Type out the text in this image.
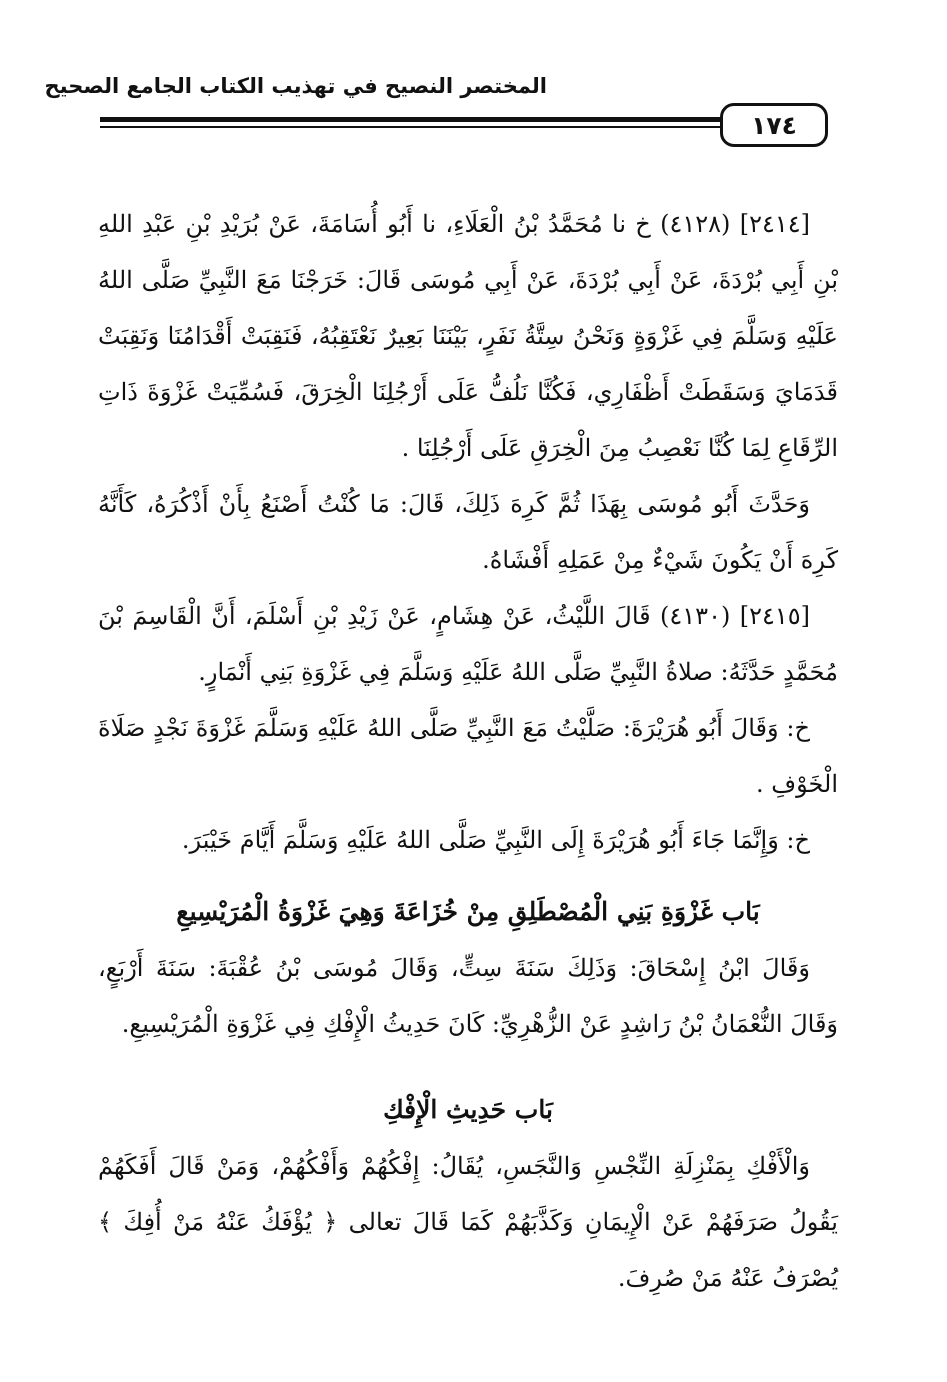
المختصر النصيح في تهذيب الكتاب الجامع الصحيح
١٧٤

[٢٤١٤] (٤١٢٨) خ نا مُحَمَّدُ بْنُ الْعَلَاءِ، نا أَبُو أُسَامَةَ، عَنْ بُرَيْدِ بْنِ عَبْدِ اللهِ بْنِ أَبِي بُرْدَةَ، عَنْ أَبِي بُرْدَةَ، عَنْ أَبِي مُوسَى قَالَ: خَرَجْنَا مَعَ النَّبِيِّ صَلَّى اللهُ عَلَيْهِ وَسَلَّمَ فِي غَزْوَةٍ وَنَحْنُ سِتَّةُ نَفَرٍ، بَيْنَنَا بَعِيرٌ نَعْتَقِبُهُ، فَنَقِبَتْ أَقْدَامُنَا وَنَقِبَتْ قَدَمَايَ وَسَقَطَتْ أَظْفَارِي، فَكُنَّا نَلُفُّ عَلَى أَرْجُلِنَا الْخِرَقَ، فَسُمِّيَتْ غَزْوَةَ ذَاتِ الرِّقَاعِ لِمَا كُنَّا نَعْصِبُ مِنَ الْخِرَقِ عَلَى أَرْجُلِنَا .

وَحَدَّثَ أَبُو مُوسَى بِهَذَا ثُمَّ كَرِهَ ذَلِكَ، قَالَ: مَا كُنْتُ أَصْنَعُ بِأَنْ أَذْكُرَهُ، كَأَنَّهُ كَرِهَ أَنْ يَكُونَ شَيْءٌ مِنْ عَمَلِهِ أَفْشَاهُ.

[٢٤١٥] (٤١٣٠) قَالَ اللَّيْثُ، عَنْ هِشَامٍ، عَنْ زَيْدِ بْنِ أَسْلَمَ، أَنَّ الْقَاسِمَ بْنَ مُحَمَّدٍ حَدَّثَهُ: صلاةُ النَّبِيِّ صَلَّى اللهُ عَلَيْهِ وَسَلَّمَ فِي غَزْوَةِ بَنِي أَنْمَارٍ.

خ: وَقَالَ أَبُو هُرَيْرَةَ: صَلَّيْتُ مَعَ النَّبِيِّ صَلَّى اللهُ عَلَيْهِ وَسَلَّمَ غَزْوَةَ نَجْدٍ صَلَاةَ الْخَوْفِ .

خ: وَإِنَّمَا جَاءَ أَبُو هُرَيْرَةَ إِلَى النَّبِيِّ صَلَّى اللهُ عَلَيْهِ وَسَلَّمَ أَيَّامَ خَيْبَرَ.

بَاب غَزْوَةِ بَنِي الْمُصْطَلِقِ مِنْ خُزَاعَةَ وَهِيَ غَزْوَةُ الْمُرَيْسِيعِ

وَقَالَ ابْنُ إِسْحَاقَ: وَذَلِكَ سَنَةَ سِتٍّ، وَقَالَ مُوسَى بْنُ عُقْبَةَ: سَنَةَ أَرْبَعٍ، وَقَالَ النُّعْمَانُ بْنُ رَاشِدٍ عَنْ الزُّهْرِيِّ: كَانَ حَدِيثُ الْإِفْكِ فِي غَزْوَةِ الْمُرَيْسِيعِ.

بَاب حَدِيثِ الْإِفْكِ

وَالْأَفْكِ بِمَنْزِلَةِ النِّجْسِ وَالنَّجَسِ، يُقَالُ: إِفْكُهُمْ وَأَفْكُهُمْ، وَمَنْ قَالَ أَفَكَهُمْ يَقُولُ صَرَفَهُمْ عَنْ الْإِيمَانِ وَكَذَّبَهُمْ كَمَا قَالَ تعالى ﴿ يُؤْفَكُ عَنْهُ مَنْ أُفِكَ ﴾ يُصْرَفُ عَنْهُ مَنْ صُرِفَ.
